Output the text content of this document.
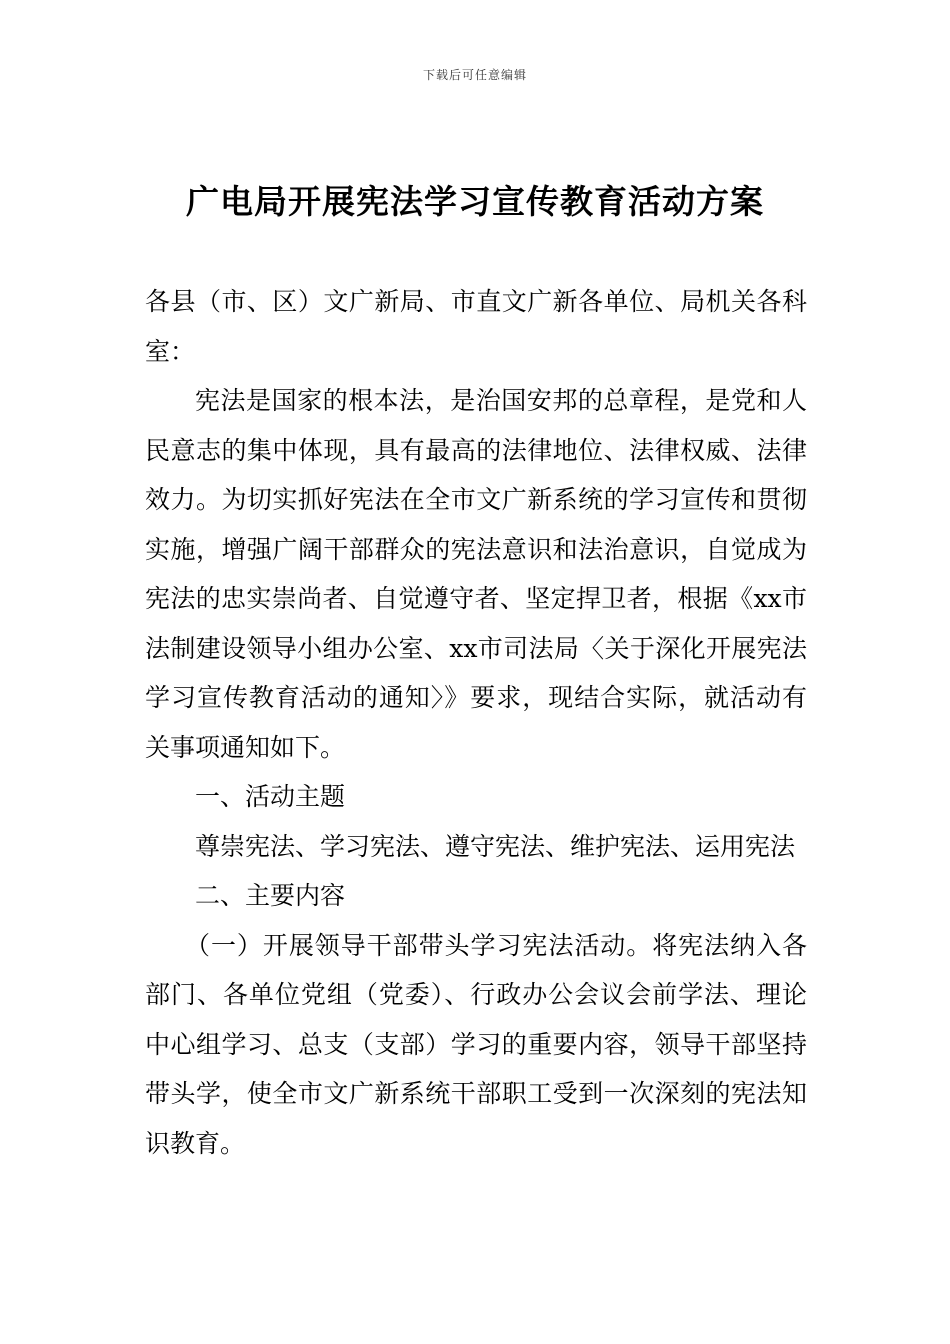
下载后可任意编辑
广电局开展宪法学习宣传教育活动方案

各县（市、区）文广新局、市直文广新各单位、局机关各科室：

宪法是国家的根本法，是治国安邦的总章程，是党和人民意志的集中体现，具有最高的法律地位、法律权威、法律效力。为切实抓好宪法在全市文广新系统的学习宣传和贯彻实施，增强广阔干部群众的宪法意识和法治意识，自觉成为宪法的忠实崇尚者、自觉遵守者、坚定捍卫者，根据《xx市法制建设领导小组办公室、xx市司法局〈关于深化开展宪法学习宣传教育活动的通知〉》要求，现结合实际，就活动有关事项通知如下。

一、活动主题

尊崇宪法、学习宪法、遵守宪法、维护宪法、运用宪法

二、主要内容

（一）开展领导干部带头学习宪法活动。将宪法纳入各部门、各单位党组（党委）、行政办公会议会前学法、理论中心组学习、总支（支部）学习的重要内容，领导干部坚持带头学，使全市文广新系统干部职工受到一次深刻的宪法知识教育。
